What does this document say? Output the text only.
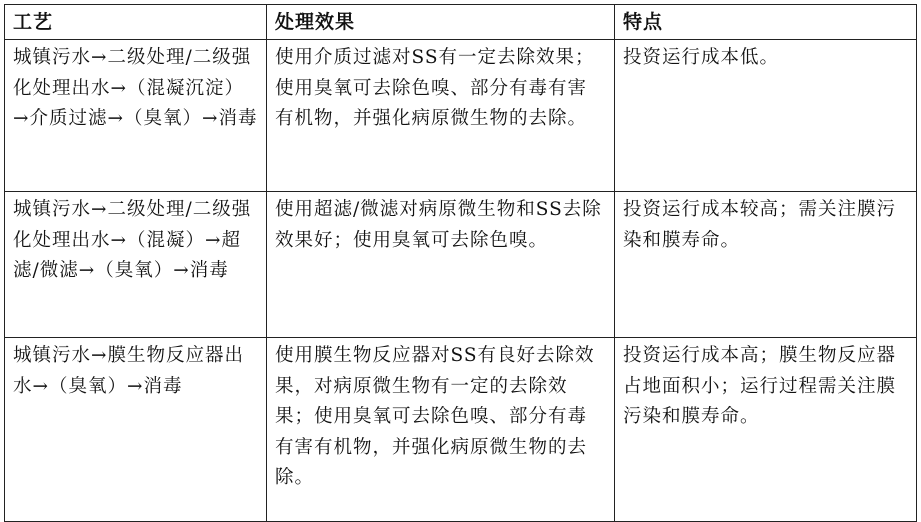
工艺	处理效果	特点
城镇污水→二级处理/二级强化处理出水→（混凝沉淀）→介质过滤→（臭氧）→消毒	使用介质过滤对SS有一定去除效果；使用臭氧可去除色嗅、部分有毒有害有机物，并强化病原微生物的去除。	投资运行成本低。
城镇污水→二级处理/二级强化处理出水→（混凝）→超滤/微滤→（臭氧）→消毒	使用超滤/微滤对病原微生物和SS去除效果好；使用臭氧可去除色嗅。	投资运行成本较高；需关注膜污染和膜寿命。
城镇污水→膜生物反应器出水→（臭氧）→消毒	使用膜生物反应器对SS有良好去除效果，对病原微生物有一定的去除效果；使用臭氧可去除色嗅、部分有毒有害有机物，并强化病原微生物的去除。	投资运行成本高；膜生物反应器占地面积小；运行过程需关注膜污染和膜寿命。
